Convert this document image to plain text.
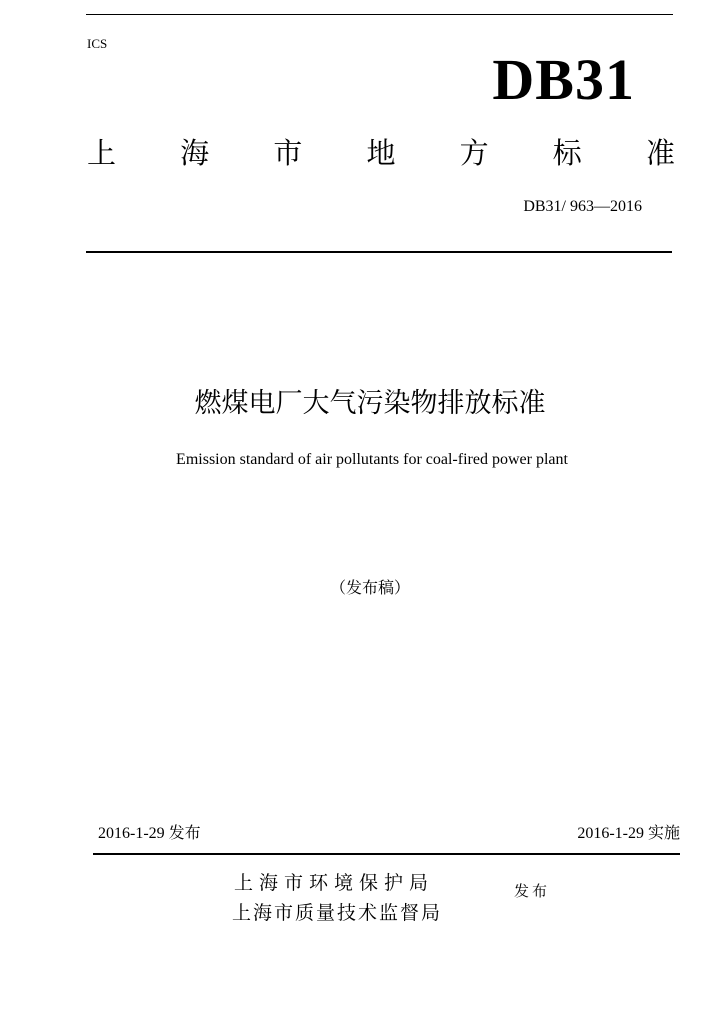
ICS
DB31
上 海 市 地 方 标 准
DB31/ 963—2016
燃煤电厂大气污染物排放标准
Emission standard of air pollutants for coal-fired power plant
（发布稿）
2016-1-29 发布	2016-1-29 实施
上海市环境保护局
上海市质量技术监督局
发布
